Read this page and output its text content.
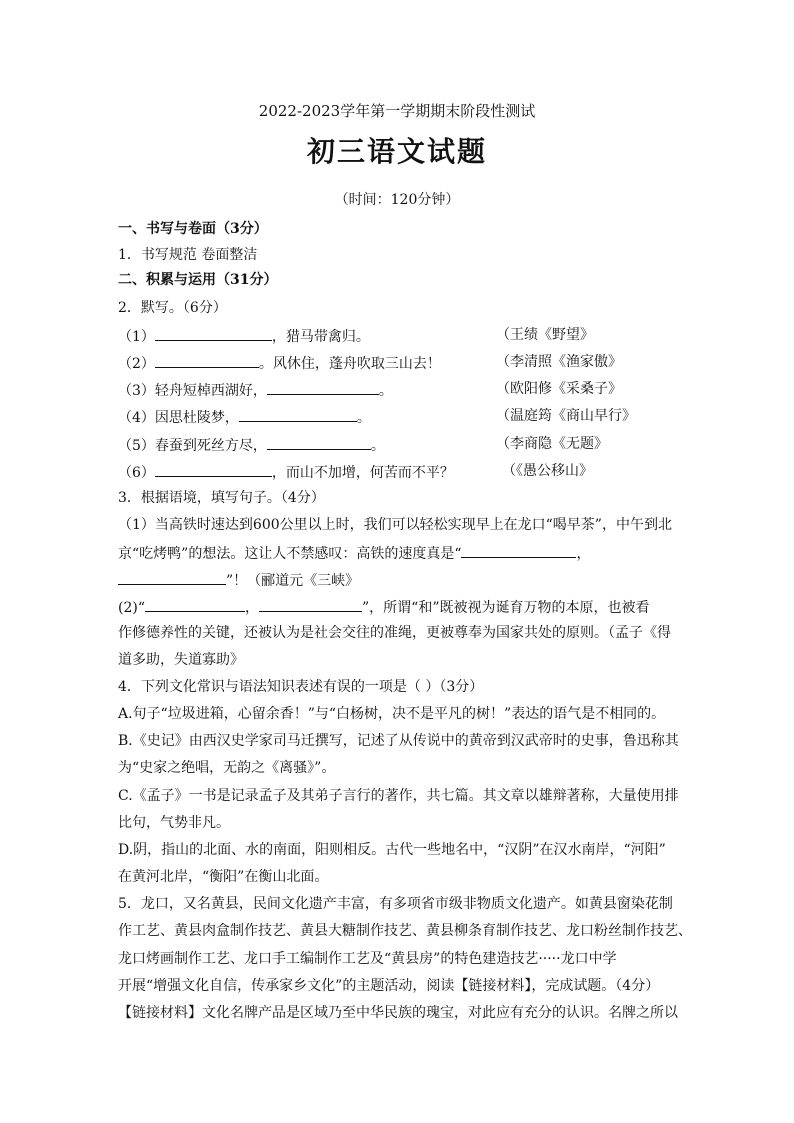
2022-2023学年第一学期期末阶段性测试
初三语文试题
（时间：120分钟）
一、书写与卷面（3分）
1．书写规范 卷面整洁
二、积累与运用（31分）
2．默写。（6分）
（1）	，猎马带禽归。	（王绩《野望》
（2）	。风休住，蓬舟吹取三山去！	（李清照《渔家傲》
（3）轻舟短棹西湖好，	。	（欧阳修《采桑子》
（4）因思杜陵梦，	。	（温庭筠《商山早行》
（5）春蚕到死丝方尽，	。	（李商隐《无题》
（6）	，而山不加增，何苦而不平？	（《愚公移山》
3．根据语境，填写句子。（4分）
（1）当高铁时速达到600公里以上时，我们可以轻松实现早上在龙口“喝早茶”，中午到北
京“吃烤鸭”的想法。这让人不禁感叹：高铁的速度真是“	，
”！（郦道元《三峡》
(2)“	，	”，所谓“和”既被视为诞育万物的本原，也被看
作修德养性的关键，还被认为是社会交往的准绳，更被尊奉为国家共处的原则。（孟子《得
道多助，失道寡助》
4．下列文化常识与语法知识表述有误的一项是（ ）（3分）
A.句子“垃圾进箱，心留余香！”与“白杨树，决不是平凡的树！”表达的语气是不相同的。
B.《史记》由西汉史学家司马迁撰写，记述了从传说中的黄帝到汉武帝时的史事，鲁迅称其
为“史家之绝唱，无韵之《离骚》”。
C.《孟子》一书是记录孟子及其弟子言行的著作，共七篇。其文章以雄辩著称，大量使用排
比句，气势非凡。
D.阴，指山的北面、水的南面，阳则相反。古代一些地名中，“汉阴”在汉水南岸，“河阳”
在黄河北岸，“衡阳”在衡山北面。
5．龙口，又名黄县，民间文化遗产丰富，有多项省市级非物质文化遗产。如黄县窗染花制
作工艺、黄县肉盒制作技艺、黄县大糖制作技艺、黄县柳条育制作技艺、龙口粉丝制作技艺、
龙口烤画制作工艺、龙口手工编制作工艺及“黄县房”的特色建造技艺·····龙口中学
开展“增强文化自信，传承家乡文化”的主题活动，阅读【链接材料】，完成试题。（4分）
【链接材料】文化名牌产品是区域乃至中华民族的瑰宝，对此应有充分的认识。名牌之所以
